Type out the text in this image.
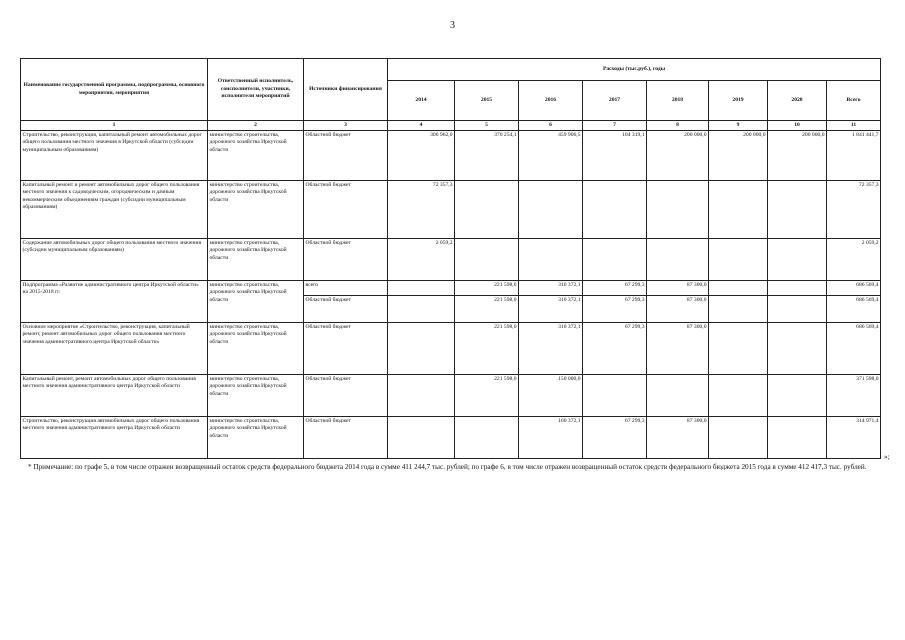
3
Наименование государственной программы, подпрограммы, основного мероприятия, мероприятия	Ответственный исполнитель, соисполнители, участники, исполнители мероприятий	Источники финансирования	Расходы (тыс.руб.), годы							
			2014	2015	2016	2017	2018	2019	2020	Всего
1	2	3	4	5	6	7	8	9	10	11
Строительство, реконструкция, капитальный ремонт автомобильных дорог общего пользования местного значения в Иркутской области (субсидии муниципальным образованиям)	министерство строительства, дорожного хозяйства Иркутской области	Областной бюджет	306 962,0	370 254,1	459 906,5	104 319,1	200 000,0	200 000,0	200 000,0	1 841 441,7
Капитальный ремонт и ремонт автомобильных дорог общего пользования местного значения к садоводческим, огородническим и дачным некоммерческим объединениям граждан (субсидии муниципальным образованиям)	министерство строительства, дорожного хозяйства Иркутской области	Областной бюджет	72 357,3							72 357,3
Содержание автомобильных дорог общего пользования местного значения (субсидии муниципальным образованиям)	министерство строительства, дорожного хозяйства Иркутской области	Областной бюджет	2 059,2							2 059,2
Подпрограмма «Развитие административного центра Иркутской области» на 2015-2018 гг.	министерство строительства, дорожного хозяйства Иркутской области	всего		221 598,0	310 372,1	67 299,3	87 300,0			686 569,4
		Областной бюджет		221 598,0	310 372,1	67 299,3	87 300,0			686 569,4
Основное мероприятие «Строительство, реконструкция, капитальный ремонт, ремонт автомобильных дорог общего пользования местного значения административного центра Иркутской области»	министерство строительства, дорожного хозяйства Иркутской области	Областной бюджет		221 598,0	310 372,1	67 299,3	87 300,0			686 569,4
Капитальный ремонт, ремонт автомобильных дорог общего пользования местного значения административного центра Иркутской области	министерство строительства, дорожного хозяйства Иркутской области	Областной бюджет		221 598,0	150 000,0					371 598,0
Строительство, реконструкция автомобильных дорог общего пользования местного значения административного центра Иркутской области	министерство строительства, дорожного хозяйства Иркутской области	Областной бюджет			160 372,1	67 299,3	87 300,0			314 971,4
* Примечание: по графе 5, в том числе отражен возвращенный остаток средств федерального бюджета 2014 года в сумме 411 244,7 тыс. рублей; по графе 6, в том числе отражен возвращенный остаток средств федерального бюджета 2015 года в сумме 412 417,3 тыс. рублей.
»;
